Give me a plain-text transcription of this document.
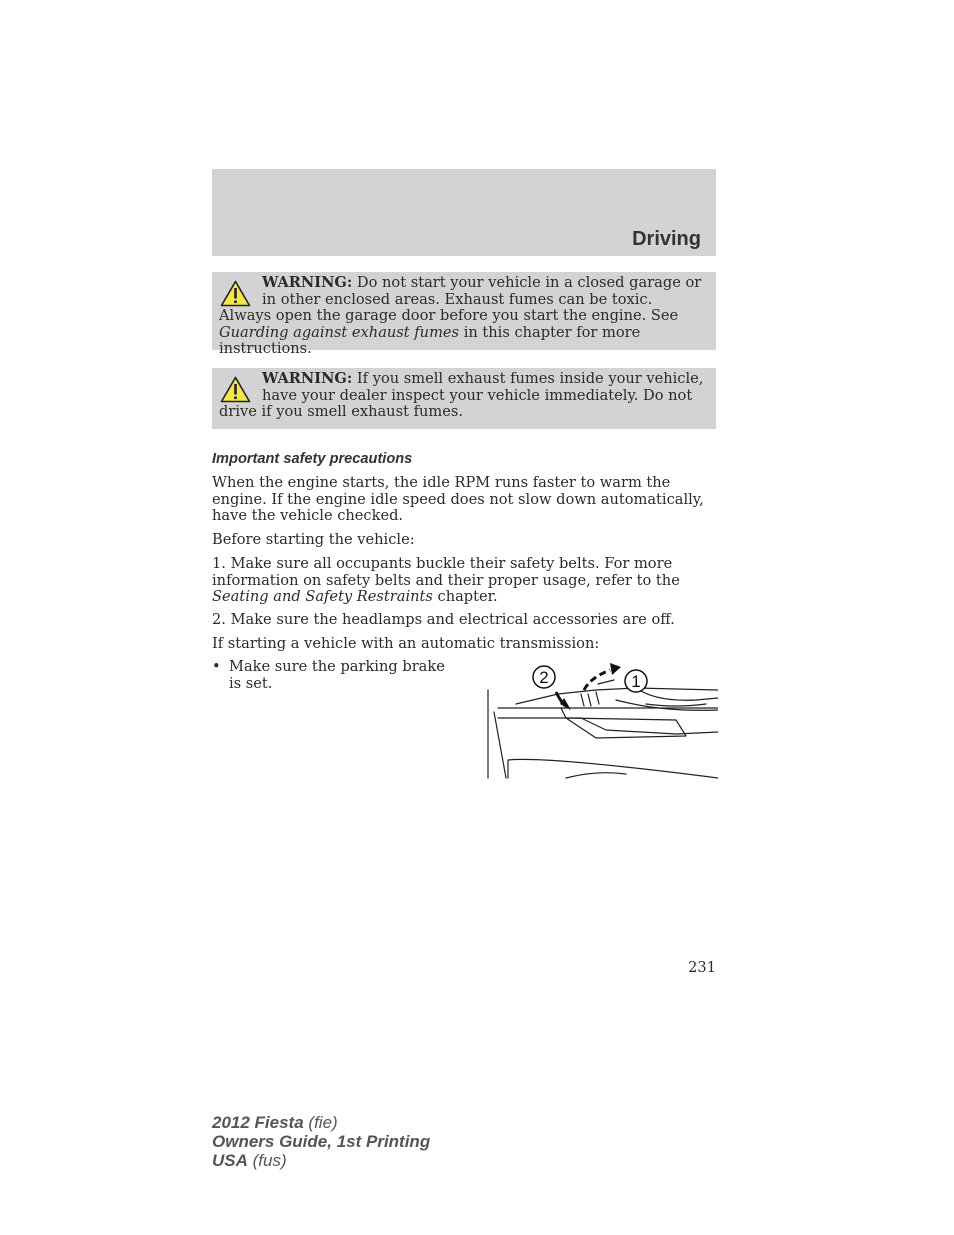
Driving
WARNING: Do not start your vehicle in a closed garage or in other enclosed areas. Exhaust fumes can be toxic. Always open the garage door before you start the engine. See Guarding against exhaust fumes in this chapter for more instructions.
WARNING: If you smell exhaust fumes inside your vehicle, have your dealer inspect your vehicle immediately. Do not drive if you smell exhaust fumes.
Important safety precautions

When the engine starts, the idle RPM runs faster to warm the engine. If the engine idle speed does not slow down automatically, have the vehicle checked.

Before starting the vehicle:

1. Make sure all occupants buckle their safety belts. For more information on safety belts and their proper usage, refer to the Seating and Safety Restraints chapter.

2. Make sure the headlamps and electrical accessories are off.

If starting a vehicle with an automatic transmission:

• Make sure the parking brake is set.	2	1
231
2012 Fiesta (fie)
Owners Guide, 1st Printing
USA (fus)
